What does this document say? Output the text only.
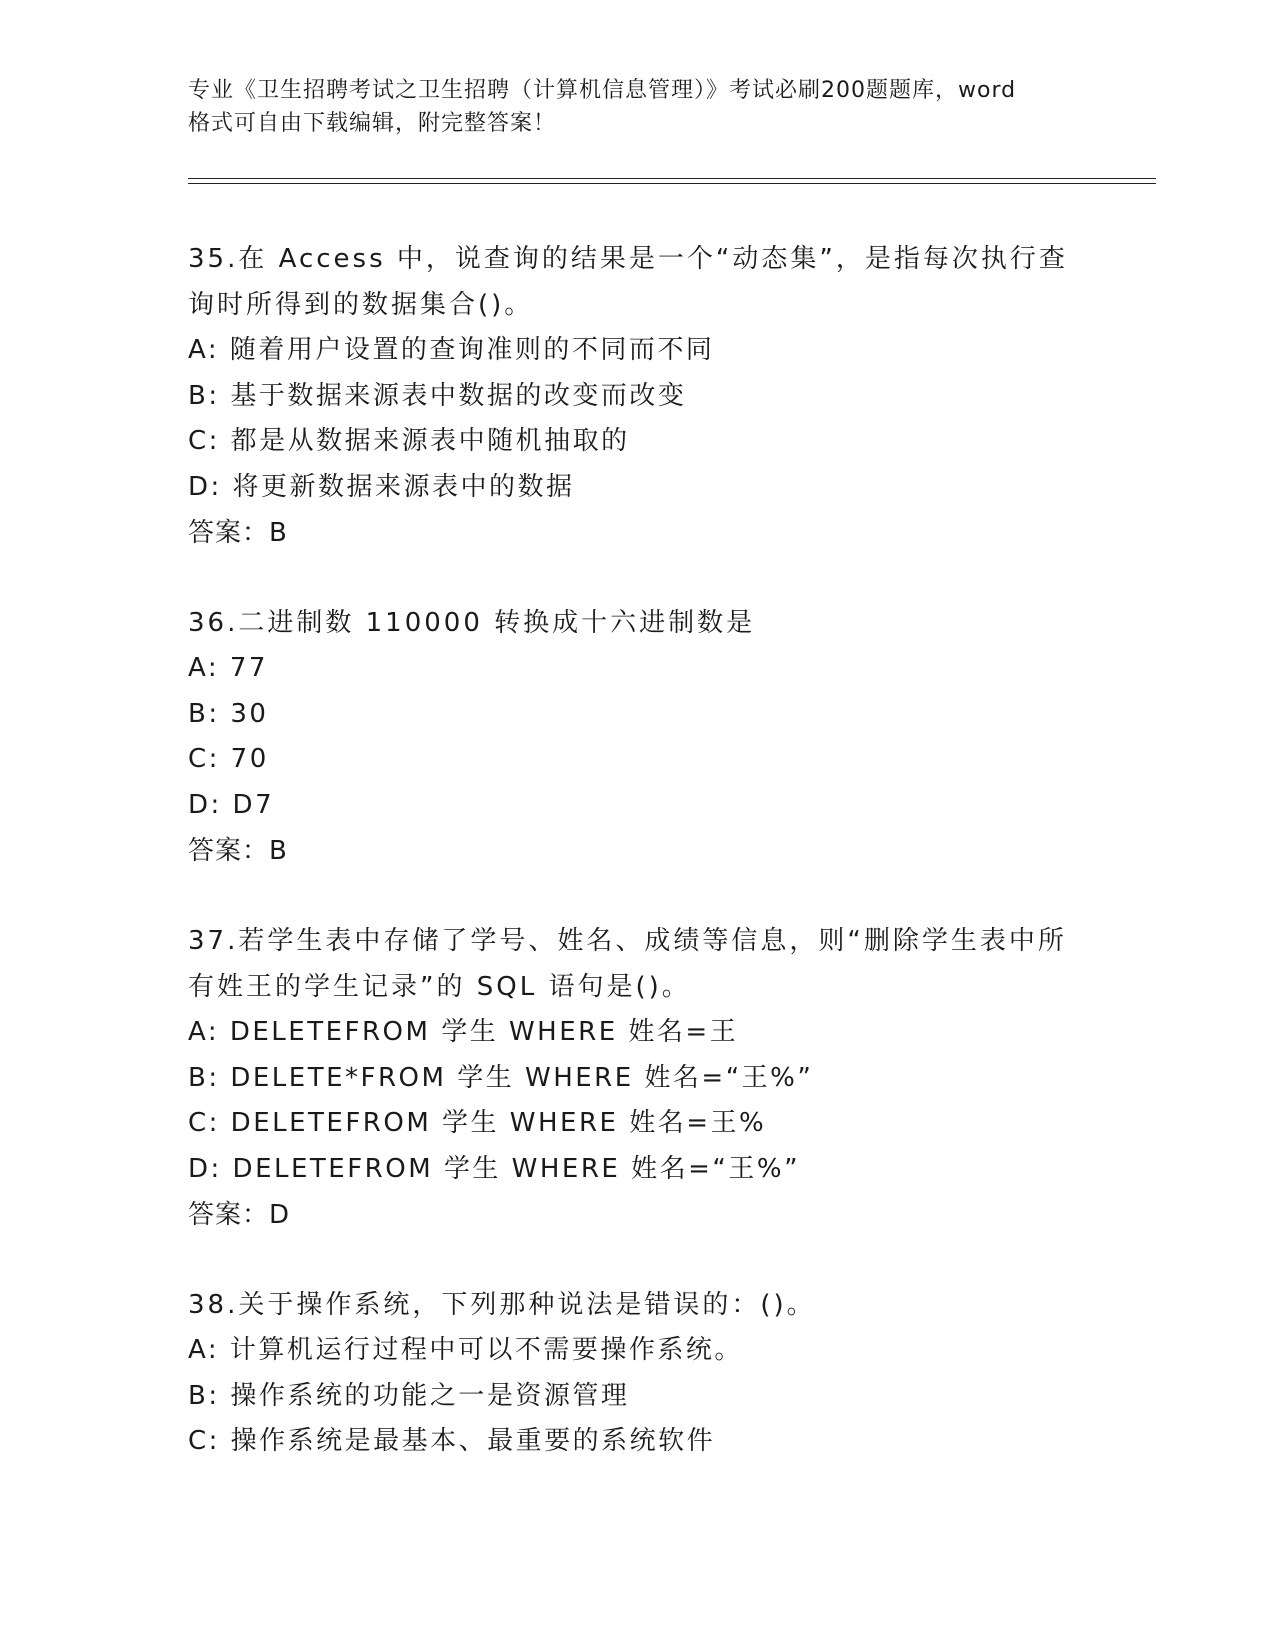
专业《卫生招聘考试之卫生招聘（计算机信息管理）》考试必刷200题题库，word
格式可自由下载编辑，附完整答案！

35.在 Access 中，说查询的结果是一个“动态集”，是指每次执行查
询时所得到的数据集合()。

A: 随着用户设置的查询准则的不同而不同

B: 基于数据来源表中数据的改变而改变

C: 都是从数据来源表中随机抽取的

D: 将更新数据来源表中的数据

答案：B

36.二进制数 110000 转换成十六进制数是

A: 77

B: 30

C: 70

D: D7

答案：B

37.若学生表中存储了学号、姓名、成绩等信息，则“删除学生表中所
有姓王的学生记录”的 SQL 语句是()。

A: DELETEFROM 学生 WHERE 姓名=王

B: DELETE*FROM 学生 WHERE 姓名=“王%”

C: DELETEFROM 学生 WHERE 姓名=王%

D: DELETEFROM 学生 WHERE 姓名=“王%”

答案：D

38.关于操作系统，下列那种说法是错误的：()。

A: 计算机运行过程中可以不需要操作系统。

B: 操作系统的功能之一是资源管理

C: 操作系统是最基本、最重要的系统软件
